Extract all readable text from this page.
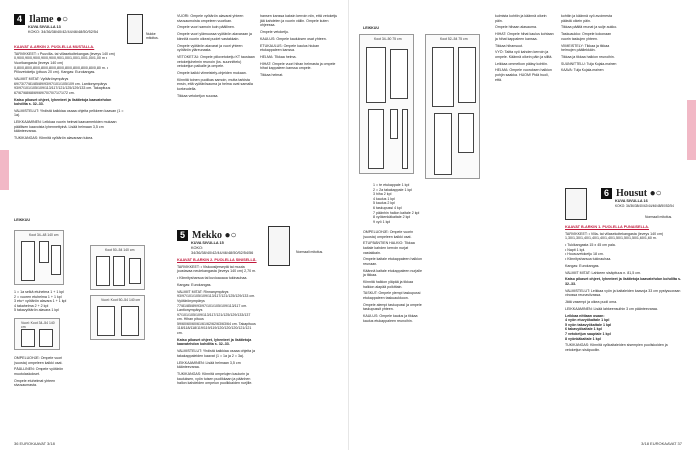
OHJEET
4 Ilame ●○
KUVA SIVULLA 13
KOKO: 34/36/38/40/42/44/46/48/50/52/54	Nukke mitoitus.

KAAVAT A-ARKIN 2. PUOLELLA MUSTALLA.

TARVIKKEET: • Puuvilla- tai villasekoitekangas (leveys 140 cm) 0,90/0,90/0,90/0,90/0,90/0,90/1,00/1,00/1,00/1,00/1,00 m • Vuorikangasta (leveys 140 cm) 0,80/0,80/0,80/0,80/0,80/0,80/0,80/0,80/0,80/0,80/0,80 m. • Piilovetoketju (pituus 20 cm). Kangas: Eurokangas.

VALMIIT MITAT: Vyötärönympärys 69/73/77/81/85/89/93/97/101/105/109 cm. Lantionympärys 93/97/101/105/109/113/117/121/125/129/133 cm. Takapituus 67/67/68/68/69/69/70/70/71/71/72 cm.

Katso pikaset ohjeet, lyhenteet ja lisätietoja kaavatehdon kohdilta s. 32–33.

VALMISTELUT: Yhdistä kaikkiaa osaaa ohjeita pelkkeen kaavan (1 = 1a).

LEIKKAAMINEN: Leikkaa vuorin helmat kaavamerkkien mukaan päällisen kaavoista lyhennettyinä. Lisää helmaan 3,5 cm käänteevaraa.

TUKIKANGAS: Kiinnitä vyötärön alavaraan tukea.

VUORI: Ompele vyötärön alavarat yhteen sivusaumoista ompeleen vuorikan.

Ompele vuori samoin kuin päällinen.

Ompele vuori ylämuussa vyötärön alavaraan ja kiinnitä vuorin oikeat puolet vastakkain.

Ompele vyötärön alavarat ja vuori yhteen vyötärön yläreunasta.

VETOKETJU: Ompele piilovetoketju KT taustaan vetoketjuhelmin reunoin (ks. suunnittelu) vetoketjun paikalle ja ompele.

Ompele kaikki viimeistely-ohjeiden mukaan.

Kiinnitä toinen puolikas samoin, mutta tarkista ensin, että vyötärösauma ja helma ovat samalla korkeudella.

Tikkaa vetoketjun suuosa.

hansen kanssa kaksin kerroin niin, että vetoketju jää kahdelen ja vuorin väliin. Ompele kuten ohjeessa.

Ompele vetoketju.

KAULUS: Ompele kauluksen osat yhteen.

ETUKAULUS: Ompele kaulus hiukan etukappaleen kanssa.

HELMA: Tikkaa helma.

HIHAT: Ompele vuori hihan helmasta ja ompele hihat kappaleen kanssa ompele.

Tikkaa helmat.

LEIKKUU
Koot 34–48 140 cm
Koot 50–54 140 cm

1 = 1a selkä etuhelma 1 + 1 kpl

2 = vuoren etuhelma 1 + 1 kpl

3 etu+ vyötärön alavara 1 + 1 kpl

4 takahelma 2 + 2 kpl

5 takavyötärön alavara 1 kpl

Vuori: Koot 34–54 140 cm
Vuori: Koot 50–54 140 cm

OMPELUOHJE: Ompele vuori (suosta) ompeleen kaikki osat.

PÄÄLLINEN: Ompele vyötärön muotolaskokset.

Ompele etuhelmat yhteen sivusaumasta.

5 Mekko ●○
KUVA SIVULLA 15
KOKO: 34/36/38/40/42/44/46/48/50/52/54/56	Normaali mitoitus.

KAAVAT B-ARKIN 2. PUOLELLA SINISELLÄ.

TARVIKKEET: • Viskoosijerseytä tai muuta joustavaa neulekangasta (leveys 140 cm) 2,70 m.

• Kiinnitysharsoa tai kuvioaoaoa tukinauhaa.

Kangas: Eurokangas.

VALMIIT MITAT: Rinnanympärys 93/97/101/105/109/113/117/121/125/129/133 cm. Vyötärönympärys 77/81/85/89/93/97/101/105/109/113/117 cm. Lantionympärys 97/101/105/109/113/117/121/125/129/133/137 cm. Hihan pituus 59/60/60/60/61/61/62/62/63/63/64 cm. Takapituus 118/118/118/119/119/119/120/120/120/121/121 cm.

Katso pikaset ohjeet, lyhenteet ja lisätietoja kaavatehdon kohdilta s. 32–33.

VALMISTELUT: Yhdistä kaikkiaa osaaa ohjeita ja takakappaleiden kaavat (1 = 1a ja 2 = 3a).

LEIKKAAMINEN: Lisää helmaan 3,5 cm käänteevaraa.

TUKIKANGAS: Kiinnitä ompelujen kaulurin ja kauluksen, vyön tuisen puolikkaan ja päänhen hallon kahdelden ompelun puolikkaiden nurjille.

36 EUROKAAVAT 3/18
LEIKKUU
Koot 34–50 75 cm	Koot 52–54 75 cm

1 = te etukappale 1 kpl

2 = 2a takakappale 1 kpl

3 hiha 2 kpl

4 kaulus 1 kpl

5 kaulus 2 kpl

6 taskupussi 4 kpl

7 päänhin hallon kaitale 2 kpl

8 vyökenkäkaitale 2 kpl

9 vyö 1 kpl

OMPELUOHJE: Ompele vuorin (suosta) ompeleen kaikki osat.

ETUPÄÄNTIEN HALKIO: Tikkaa kaitale kahden kerroin nurjat vastakkain.

Ompele kaitale etukappaleen halkion reunaan.

Käännä kaitale etukappaleen nurjalle ja tikkaa.

Kiinnitä halkion yläpää ja tikkaa halkion alapää poikittain.

TASKUT: Ompele ylempi taskupussi etukappaleen taskuaukkoon.

Ompele alempi taskupussi ja ompele taskupussit yhteen.

KAULUS: Ompele kaulus ja tikkaa kaulus etukappaleen reunoihin.

kulmista kohtiin ja käännä oikein päin.

Ompele hihaan alasauma.

HIHAT: Ompele hihat kaulus kohtaan ja hihat kappaleen kanssa.

Tikkaa hihansuut.

VYÖ: Taitta vyö kahden kerroin ja ompele. Käännä oikein päin ja silitä.

Leikkaa ommelkon pääsy kohtiin.

HELMA: Ompele vuoruksen halkion pohjin saakka. HUOM! Pidä huoli, että.

kohtiin ja käännä vyö avoimesta päästä oikein päin.

Tikkaa päältä reunat ja sulje aukko.

Taskuaukko: Ompele kokonaan vuorin taskujen yhteen.

VIIMEISTELY: Tikkaa ja tikkaa helmojen päällekkäin.

Tikkaa ja tikkaa halkion reunoihin.

SUUNNITTELU: Tuija Kujala-mainen

KAAVA: Tuija Kujala-mainen

6 Housut ●○
KUVA SIVULLA 16
KOKO: 34/36/38/40/42/44/46/48/50/52/54
Normaali mitoitus.

KAAVAT B-ARKIN 1. PUOLELLA PUNAISELLA.

TARVIKKEET: • Villa- tai villasekoitekangasta (leveys 140 cm) 1,30/1,30/1,40/1,40/1,40/1,40/1,50/1,50/1,50/1,60/1,60 m.

• Tukikangasta 15 x 45 cm pala.

• Napit 1 kpl.

• Housuvetoketju 18 cm.

• Kiinnitysharsoa tukinauhaa.

Kangas: Eurokangas.

VALMIIT MITAT: Lahkeen sisäpituus n. 81,5 cm.

Katso pikaset ohjeet, lyhenteet ja lisätietoja kaavatehdon kohdilta s. 32–33.

VALMISTELUT: Leikkaa vyön ja kaitaleiden kaavoja 33 cm pystysuoraan vinossa reunaviivassa.

Jätä vasempi ja oikea puoli oma.

LEIKKAAMINEN: Lisää lahkeensuihin 3 cm päänteevaraa.

Leikkaa nittiaan osaan:

4 vyön etuvyökaitale 1 kpl

5 vyön takavyökaitale 1 kpl

6 takavyökaitale 1 kpl

7 vetoketjun sauptale 1 kpl

8 vyönkäkaitale 1 kpl

TUKIKANGAS: Kiinnitä vyökaitaleiden sisempien puoliskoiden ja vetoketjun sisäpuoliin.

3/18 EUROKAAVAT 37
